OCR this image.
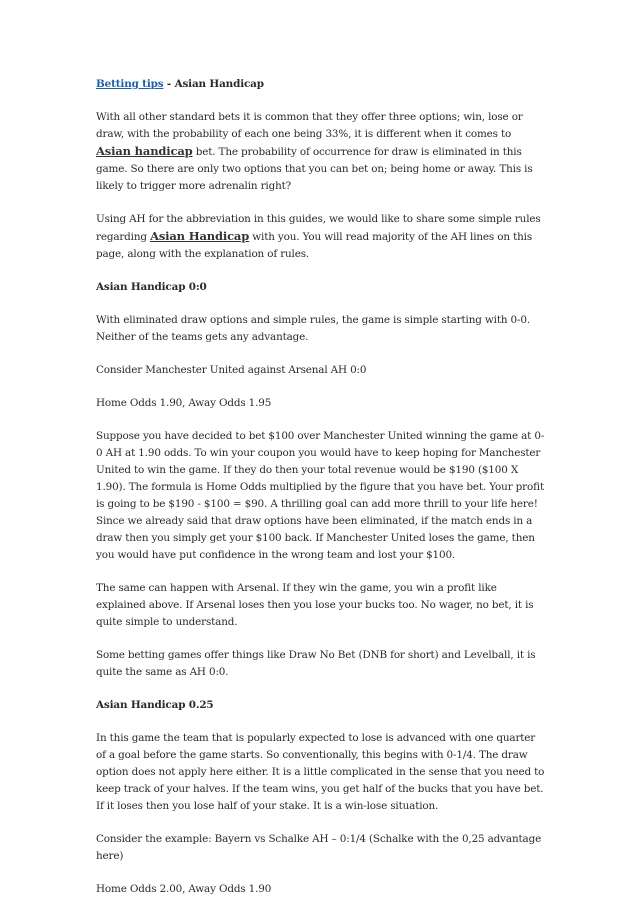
Betting tips - Asian Handicap

With all other standard bets it is common that they offer three options; win, lose or draw, with the probability of each one being 33%, it is different when it comes to Asian handicap bet. The probability of occurrence for draw is eliminated in this game. So there are only two options that you can bet on; being home or away. This is likely to trigger more adrenalin right?

Using AH for the abbreviation in this guides, we would like to share some simple rules regarding Asian Handicap with you. You will read majority of the AH lines on this page, along with the explanation of rules.

Asian Handicap 0:0

With eliminated draw options and simple rules, the game is simple starting with 0-0. Neither of the teams gets any advantage.

Consider Manchester United against Arsenal AH 0:0

Home Odds 1.90, Away Odds 1.95

Suppose you have decided to bet $100 over Manchester United winning the game at 0-0 AH at 1.90 odds. To win your coupon you would have to keep hoping for Manchester United to win the game. If they do then your total revenue would be $190 ($100 X 1.90). The formula is Home Odds multiplied by the figure that you have bet. Your profit is going to be $190 - $100 = $90. A thrilling goal can add more thrill to your life here! Since we already said that draw options have been eliminated, if the match ends in a draw then you simply get your $100 back. If Manchester United loses the game, then you would have put confidence in the wrong team and lost your $100.

The same can happen with Arsenal. If they win the game, you win a profit like explained above. If Arsenal loses then you lose your bucks too. No wager, no bet, it is quite simple to understand.

Some betting games offer things like Draw No Bet (DNB for short) and Levelball, it is quite the same as AH 0:0.

Asian Handicap 0.25

In this game the team that is popularly expected to lose is advanced with one quarter of a goal before the game starts. So conventionally, this begins with 0-1/4. The draw option does not apply here either. It is a little complicated in the sense that you need to keep track of your halves. If the team wins, you get half of the bucks that you have bet. If it loses then you lose half of your stake. It is a win-lose situation.

Consider the example: Bayern vs Schalke AH – 0:1/4 (Schalke with the 0,25 advantage here)

Home Odds 2.00, Away Odds 1.90
